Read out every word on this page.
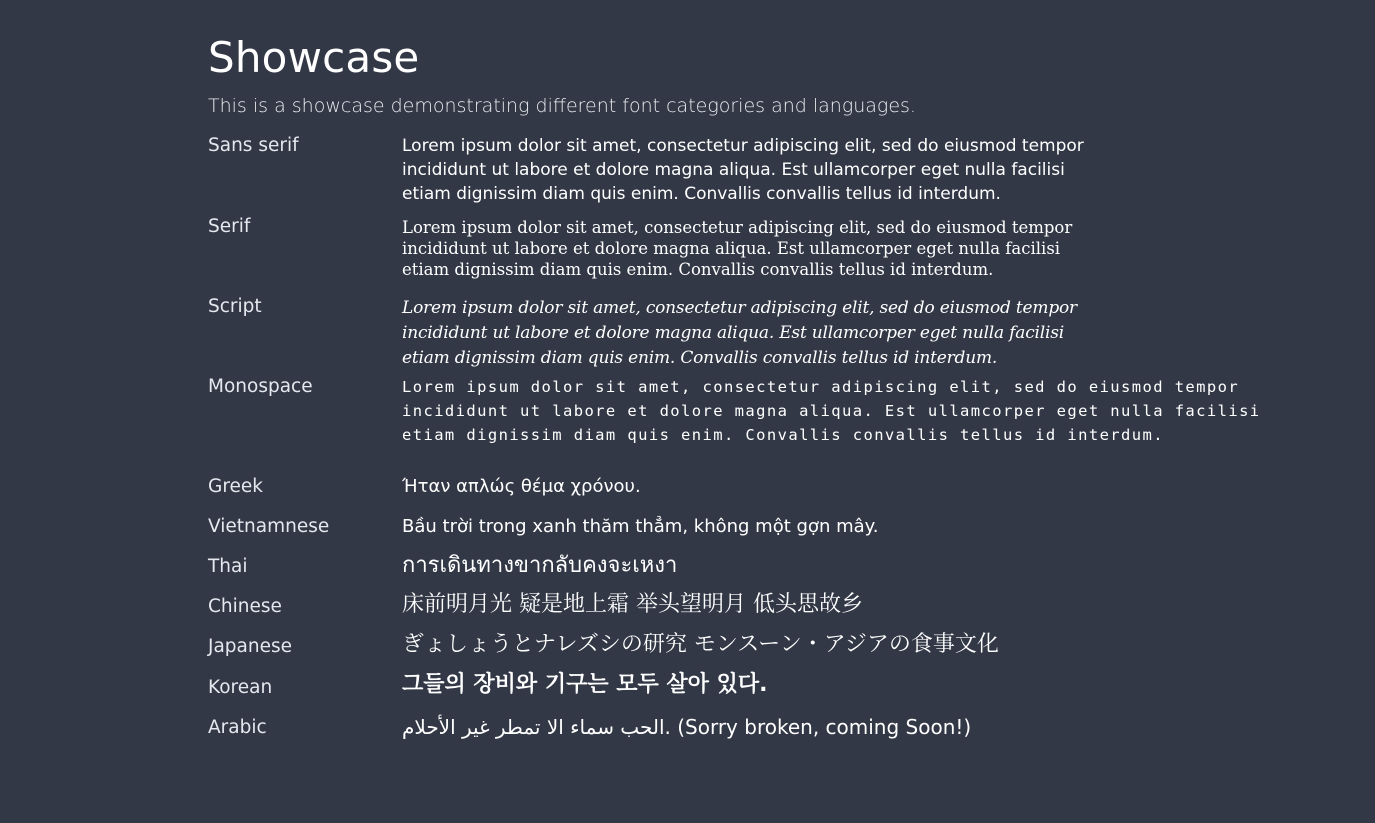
Showcase
This is a showcase demonstrating different font categories and languages.
Sans serif	Lorem ipsum dolor sit amet, consectetur adipiscing elit, sed do eiusmod tempor

incididunt ut labore et dolore magna aliqua. Est ullamcorper eget nulla facilisi

etiam dignissim diam quis enim. Convallis convallis tellus id interdum.

Serif	Lorem ipsum dolor sit amet, consectetur adipiscing elit, sed do eiusmod tempor

incididunt ut labore et dolore magna aliqua. Est ullamcorper eget nulla facilisi

etiam dignissim diam quis enim. Convallis convallis tellus id interdum.

Script	Lorem ipsum dolor sit amet, consectetur adipiscing elit, sed do eiusmod tempor

incididunt ut labore et dolore magna aliqua. Est ullamcorper eget nulla facilisi

etiam dignissim diam quis enim. Convallis convallis tellus id interdum.

Monospace	Lorem ipsum dolor sit amet, consectetur adipiscing elit, sed do eiusmod tempor

incididunt ut labore et dolore magna aliqua. Est ullamcorper eget nulla facilisi

etiam dignissim diam quis enim. Convallis convallis tellus id interdum.

Greek	Ήταν απλώς θέμα χρόνου.
Vietnamnese	Bầu trời trong xanh thăm thẳm, không một gợn mây.
Thai	การเดินทางขากลับคงจะเหงา
Chinese	床前明月光 疑是地上霜 举头望明月 低头思故乡
Japanese	ぎょしょうとナレズシの研究 モンスーン・アジアの食事文化
Korean	그들의 장비와 기구는 모두 살아 있다.
Arabic	ﺍﻟﺤﺐ ﺳﻤﺎﺀ ﺍﻻ ﺗﻤﻄﺮ ﻏﻴﺮ ﺍﻷﺣﻼﻡ. (Sorry broken, coming Soon!)
